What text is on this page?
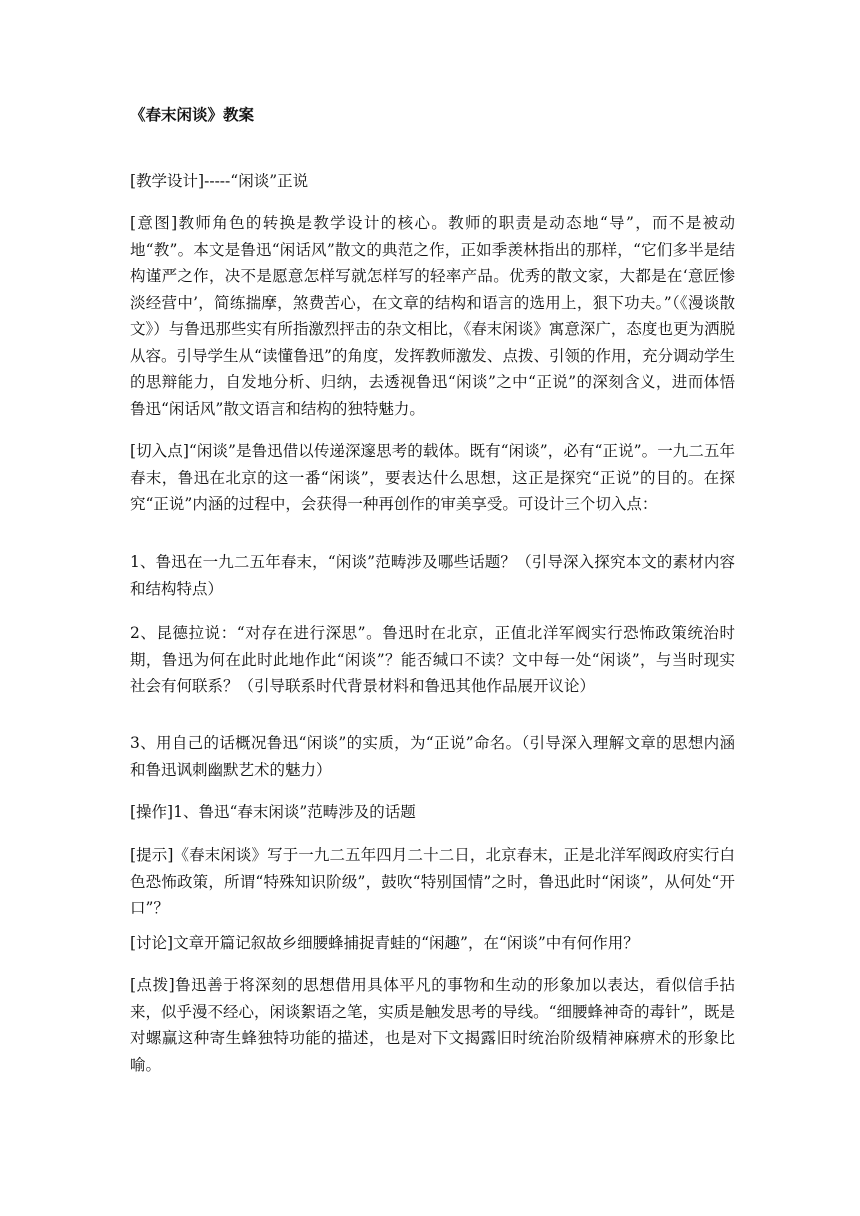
《春末闲谈》教案

[教学设计]-----“闲谈”正说

[意图]教师角色的转换是教学设计的核心。教师的职责是动态地“导”，而不是被动地“教”。本文是鲁迅“闲话风”散文的典范之作，正如季羡林指出的那样，“它们多半是结构谨严之作，决不是愿意怎样写就怎样写的轻率产品。优秀的散文家，大都是在‘意匠惨淡经营中’，简练揣摩，煞费苦心，在文章的结构和语言的选用上，狠下功夫。”（《漫谈散文》）与鲁迅那些实有所指激烈抨击的杂文相比，《春末闲谈》寓意深广，态度也更为洒脱从容。引导学生从“读懂鲁迅”的角度，发挥教师激发、点拨、引领的作用，充分调动学生的思辩能力，自发地分析、归纳，去透视鲁迅“闲谈”之中“正说”的深刻含义，进而体悟鲁迅“闲话风”散文语言和结构的独特魅力。

[切入点]“闲谈”是鲁迅借以传递深邃思考的载体。既有“闲谈”，必有“正说”。一九二五年春末，鲁迅在北京的这一番“闲谈”，要表达什么思想，这正是探究“正说”的目的。在探究“正说”内涵的过程中，会获得一种再创作的审美享受。可设计三个切入点：

1、鲁迅在一九二五年春末，“闲谈”范畴涉及哪些话题？（引导深入探究本文的素材内容和结构特点）

2、昆德拉说：“对存在进行深思”。鲁迅时在北京，正值北洋军阀实行恐怖政策统治时期，鲁迅为何在此时此地作此“闲谈”？能否缄口不读？文中每一处“闲谈”，与当时现实社会有何联系？（引导联系时代背景材料和鲁迅其他作品展开议论）

3、用自己的话概况鲁迅“闲谈”的实质，为“正说”命名。（引导深入理解文章的思想内涵和鲁迅讽刺幽默艺术的魅力）

[操作]1、鲁迅“春末闲谈”范畴涉及的话题

[提示]《春末闲谈》写于一九二五年四月二十二日，北京春末，正是北洋军阀政府实行白色恐怖政策，所谓“特殊知识阶级”，鼓吹“特别国情”之时，鲁迅此时“闲谈”，从何处“开口”？

[讨论]文章开篇记叙故乡细腰蜂捕捉青蛙的“闲趣”，在“闲谈”中有何作用？

[点拨]鲁迅善于将深刻的思想借用具体平凡的事物和生动的形象加以表达，看似信手拈来，似乎漫不经心，闲谈絮语之笔，实质是触发思考的导线。“细腰蜂神奇的毒针”，既是对螺赢这种寄生蜂独特功能的描述，也是对下文揭露旧时统治阶级精神麻痹术的形象比喻。
